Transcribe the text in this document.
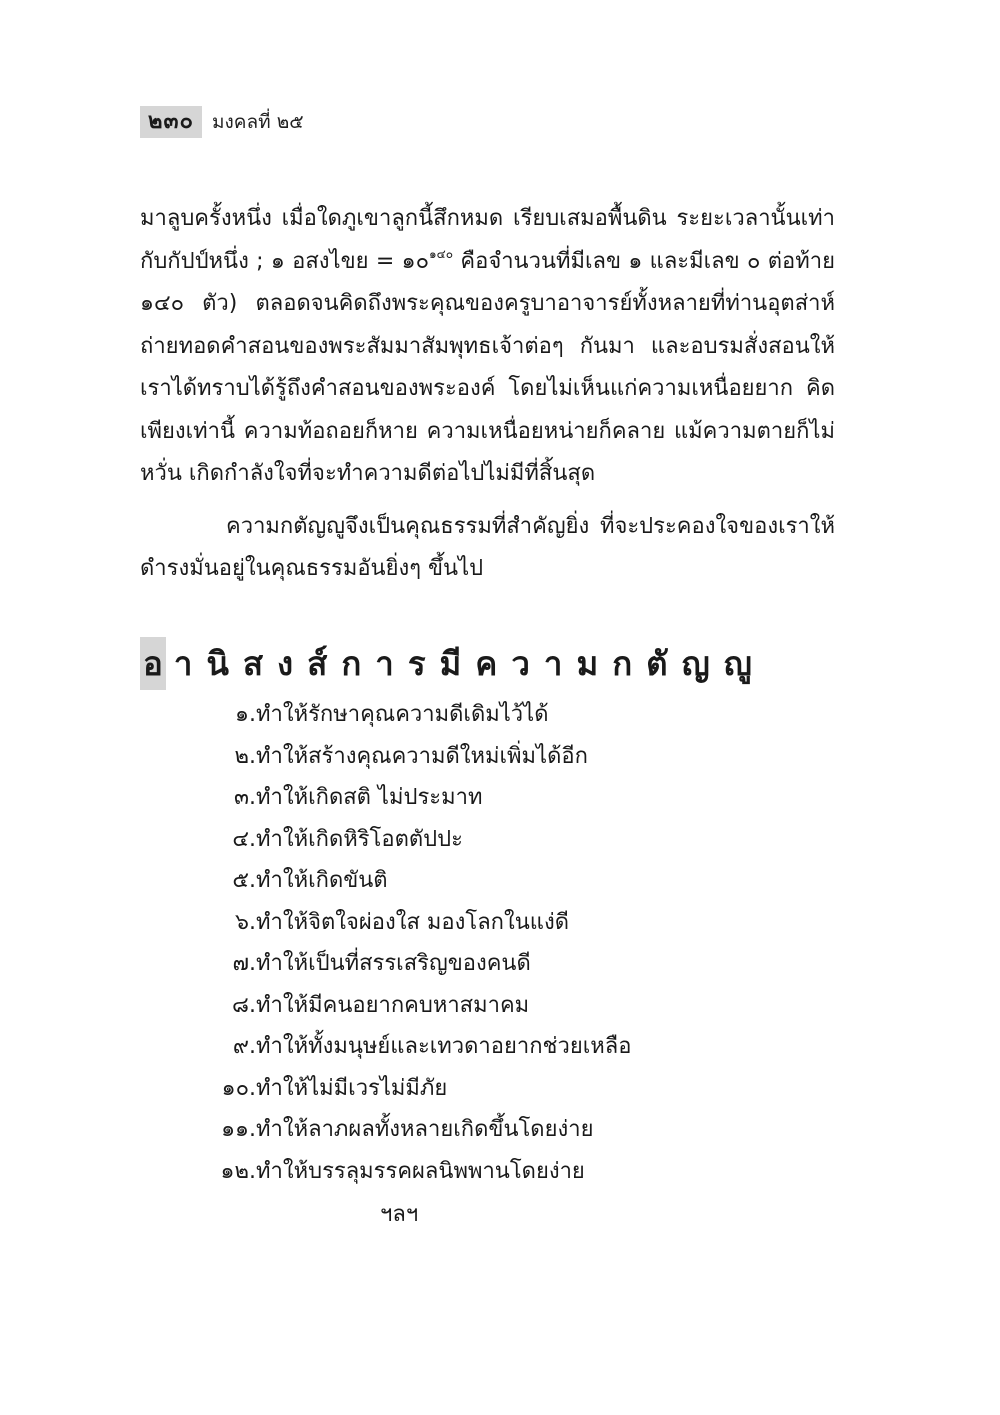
๒๓๐ มงคลที่ ๒๕

มาลูบครั้งหนึ่ง เมื่อใดภูเขาลูกนี้สึกหมด เรียบเสมอพื้นดิน ระยะเวลานั้นเท่ากับกัปป์หนึ่ง ; ๑ อสงไขย = ๑๐$^{๑๔๐}$ คือจำนวนที่มีเลข ๑ และมีเลข ๐ ต่อท้าย ๑๔๐ ตัว) ตลอดจนคิดถึงพระคุณของครูบาอาจารย์ทั้งหลายที่ท่านอุตส่าห์ถ่ายทอดคำสอนของพระสัมมาสัมพุทธเจ้าต่อๆ กันมา และอบรมสั่งสอนให้เราได้ทราบได้รู้ถึงคำสอนของพระองค์ โดยไม่เห็นแก่ความเหนื่อยยาก คิดเพียงเท่านี้ ความท้อถอยก็หาย ความเหนื่อยหน่ายก็คลาย แม้ความตายก็ไม่หวั่น เกิดกำลังใจที่จะทำความดีต่อไปไม่มีที่สิ้นสุด

ความกตัญญูจึงเป็นคุณธรรมที่สำคัญยิ่ง ที่จะประคองใจของเราให้ดำรงมั่นอยู่ในคุณธรรมอันยิ่งๆ ขึ้นไป

อ านิสงส์การมีความกตัญญู
๑. ทำให้รักษาคุณความดีเดิมไว้ได้
๒. ทำให้สร้างคุณความดีใหม่เพิ่มได้อีก
๓. ทำให้เกิดสติ ไม่ประมาท
๔. ทำให้เกิดหิริโอตตัปปะ
๕. ทำให้เกิดขันติ
๖. ทำให้จิตใจผ่องใส มองโลกในแง่ดี
๗. ทำให้เป็นที่สรรเสริญของคนดี
๘. ทำให้มีคนอยากคบหาสมาคม
๙. ทำให้ทั้งมนุษย์และเทวดาอยากช่วยเหลือ
๑๐. ทำให้ไม่มีเวรไม่มีภัย
๑๑. ทำให้ลาภผลทั้งหลายเกิดขึ้นโดยง่าย
๑๒. ทำให้บรรลุมรรคผลนิพพานโดยง่าย
ฯลฯ
